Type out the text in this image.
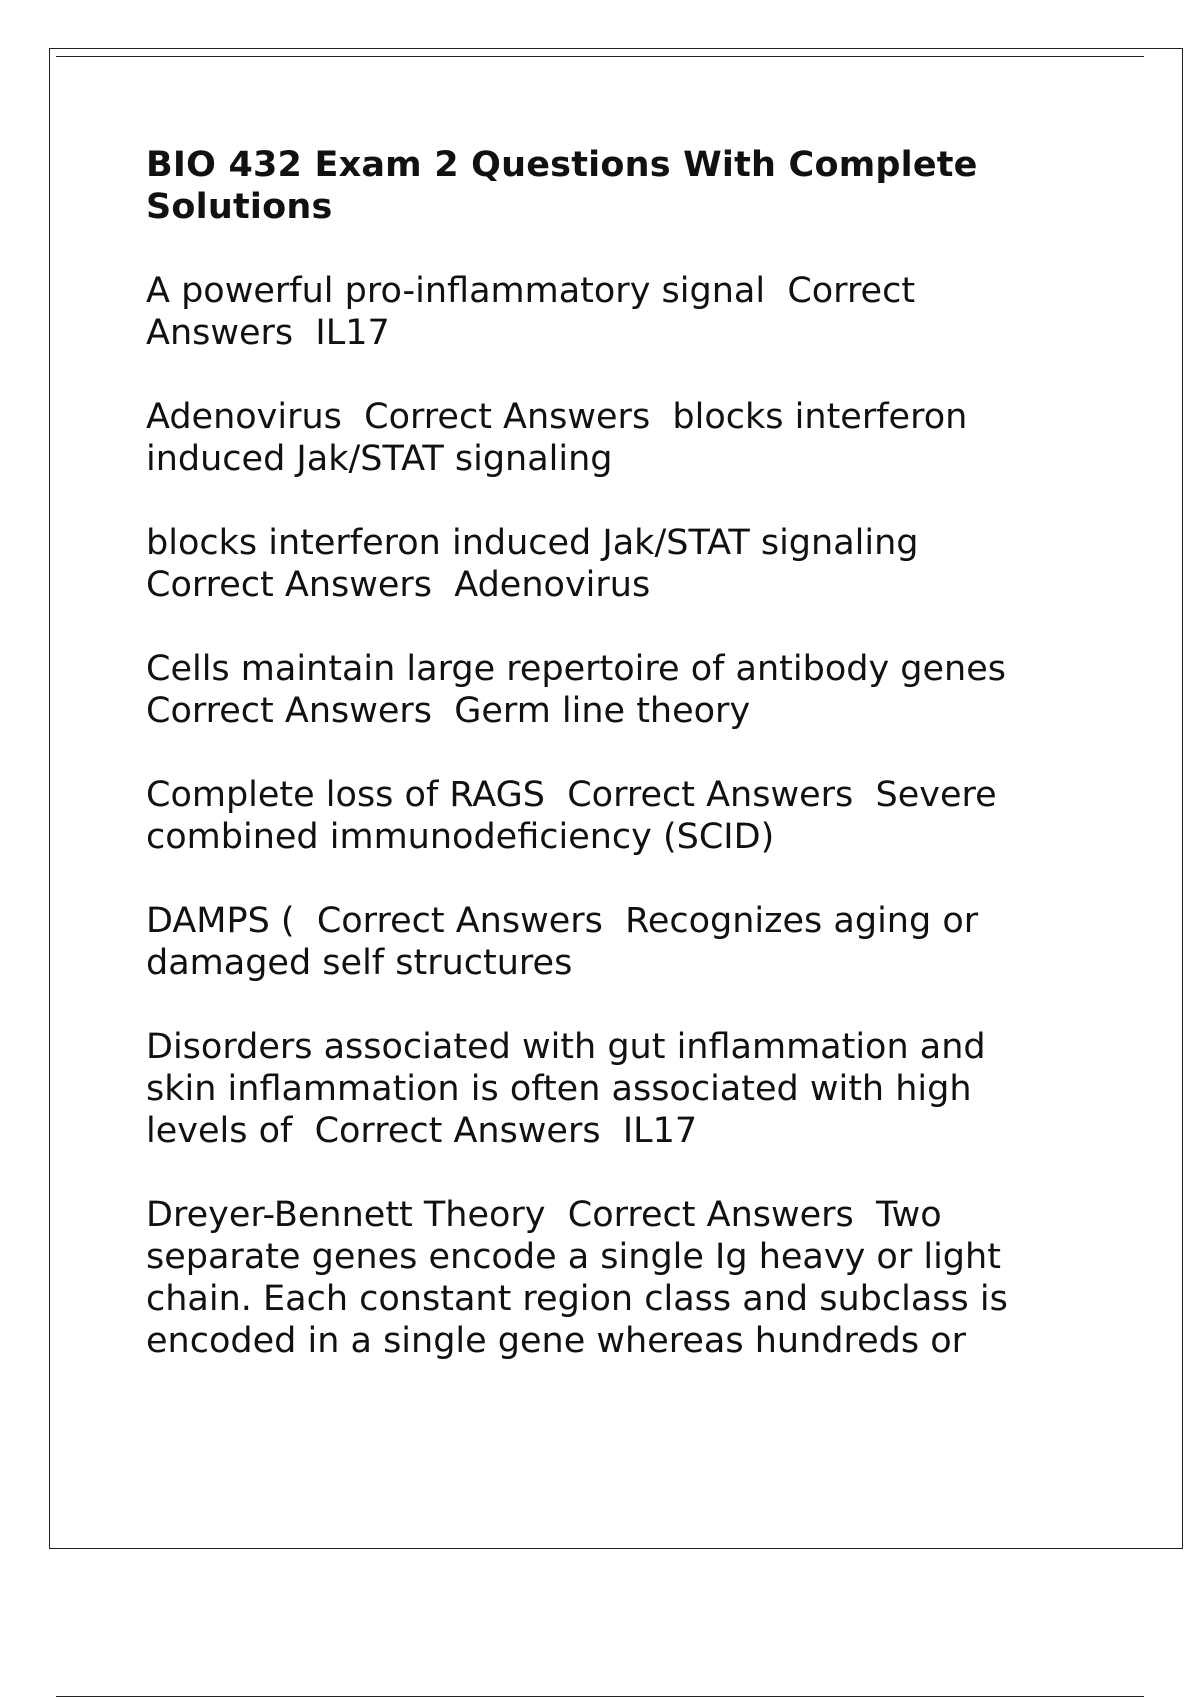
BIO 432 Exam 2 Questions With Complete Solutions

A powerful pro-inflammatory signal  Correct Answers  IL17

Adenovirus  Correct Answers  blocks interferon induced Jak/STAT signaling

blocks interferon induced Jak/STAT signaling  Correct Answers  Adenovirus

Cells maintain large repertoire of antibody genes  Correct Answers  Germ line theory

Complete loss of RAGS  Correct Answers  Severe combined immunodeficiency (SCID)

DAMPS (  Correct Answers  Recognizes aging or damaged self structures

Disorders associated with gut inflammation and skin inflammation is often associated with high levels of  Correct Answers  IL17

Dreyer-Bennett Theory  Correct Answers  Two separate genes encode a single Ig heavy or light chain. Each constant region class and subclass is encoded in a single gene whereas hundreds or
